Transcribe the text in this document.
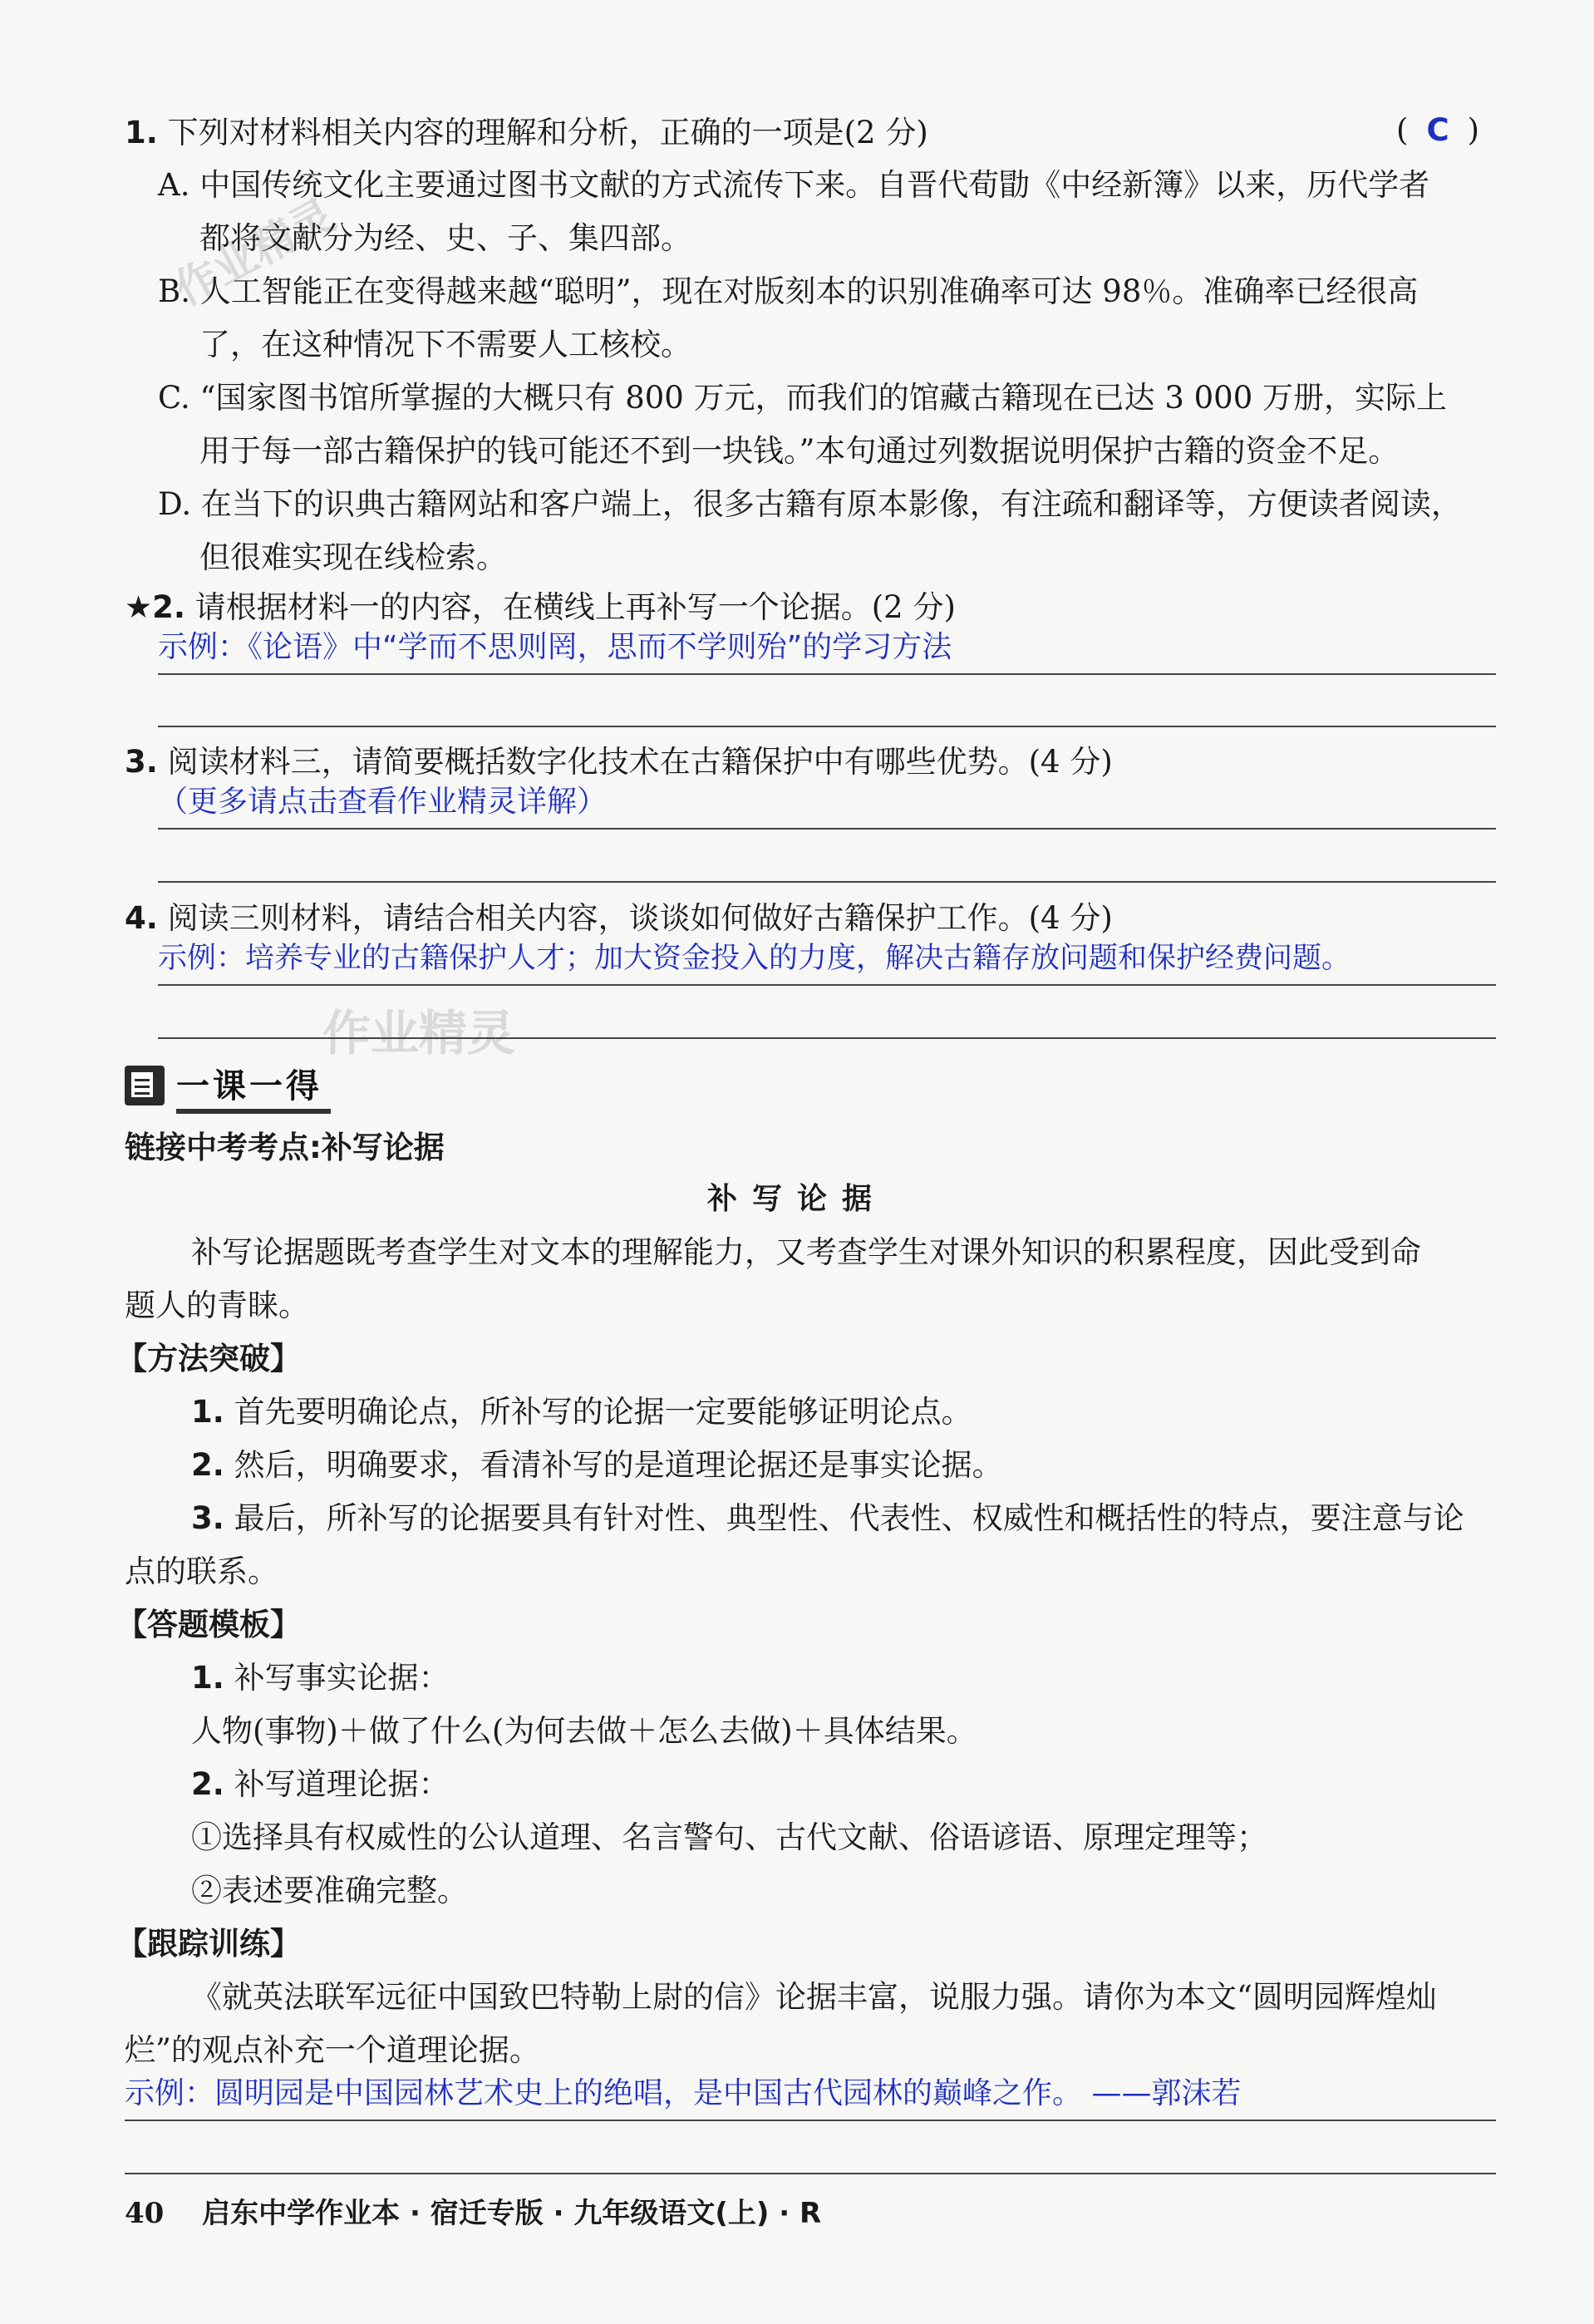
作业精灵
作业精灵
1. 下列对材料相关内容的理解和分析，正确的一项是(2 分)	( C )
A. 中国传统文化主要通过图书文献的方式流传下来。自晋代荀勖《中经新簿》以来，历代学者
都将文献分为经、史、子、集四部。
B. 人工智能正在变得越来越“聪明”，现在对版刻本的识别准确率可达 98％。准确率已经很高
了，在这种情况下不需要人工核校。
C. “国家图书馆所掌握的大概只有 800 万元，而我们的馆藏古籍现在已达 3 000 万册，实际上
用于每一部古籍保护的钱可能还不到一块钱。”本句通过列数据说明保护古籍的资金不足。
D. 在当下的识典古籍网站和客户端上，很多古籍有原本影像，有注疏和翻译等，方便读者阅读，
但很难实现在线检索。
★2. 请根据材料一的内容，在横线上再补写一个论据。(2 分)
示例：《论语》中“学而不思则罔，思而不学则殆”的学习方法
3. 阅读材料三，请简要概括数字化技术在古籍保护中有哪些优势。(4 分)
（更多请点击查看作业精灵详解）
4. 阅读三则材料，请结合相关内容，谈谈如何做好古籍保护工作。(4 分)
示例：培养专业的古籍保护人才；加大资金投入的力度，解决古籍存放问题和保护经费问题。
一课一得
链接中考考点:补写论据
补写论据
补写论据题既考查学生对文本的理解能力，又考查学生对课外知识的积累程度，因此受到命
题人的青睐。
【方法突破】
1. 首先要明确论点，所补写的论据一定要能够证明论点。
2. 然后，明确要求，看清补写的是道理论据还是事实论据。
3. 最后，所补写的论据要具有针对性、典型性、代表性、权威性和概括性的特点，要注意与论
点的联系。
【答题模板】
1. 补写事实论据：
人物(事物)＋做了什么(为何去做＋怎么去做)＋具体结果。
2. 补写道理论据：
①选择具有权威性的公认道理、名言警句、古代文献、俗语谚语、原理定理等；
②表述要准确完整。
【跟踪训练】
《就英法联军远征中国致巴特勒上尉的信》论据丰富，说服力强。请你为本文“圆明园辉煌灿
烂”的观点补充一个道理论据。
示例：圆明园是中国园林艺术史上的绝唱，是中国古代园林的巅峰之作。 ——郭沫若
40 启东中学作业本 · 宿迁专版 · 九年级语文(上) · R
